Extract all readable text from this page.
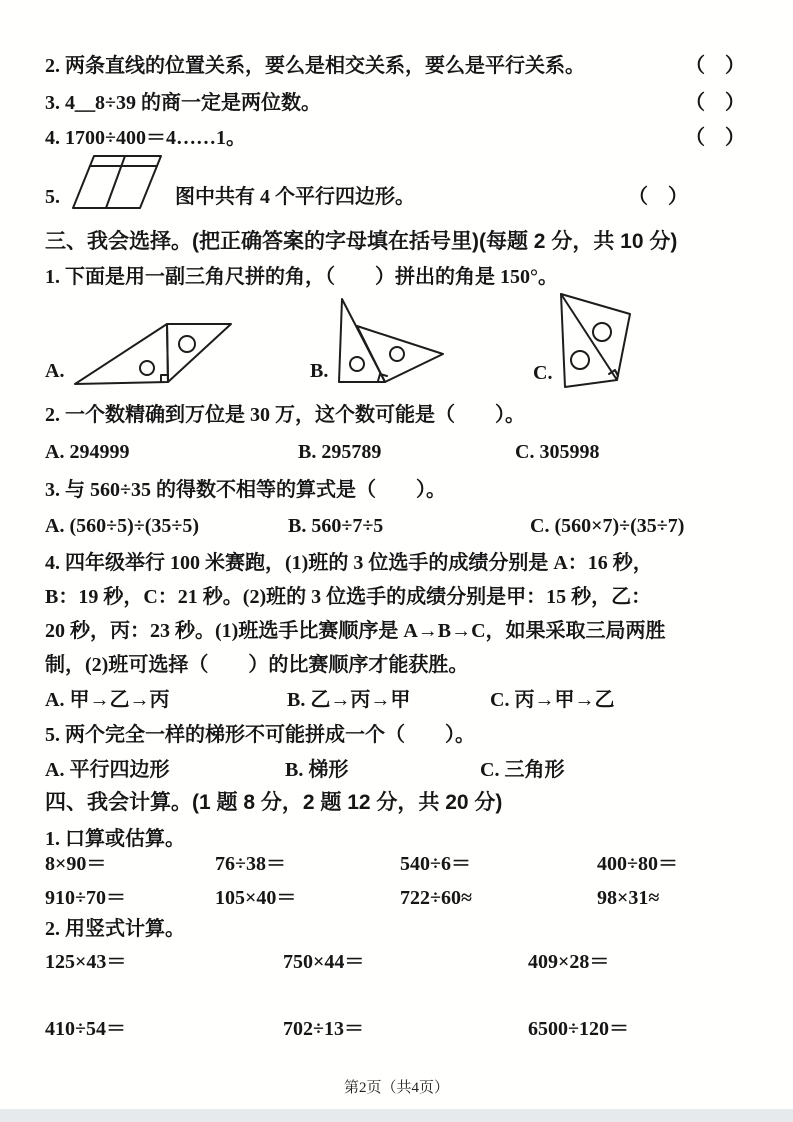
2. 两条直线的位置关系，要么是相交关系，要么是平行关系。	（　）
3. 4＿8÷39 的商一定是两位数。	（　）
4. 1700÷400＝4……1。	（　）
5.	图中共有 4 个平行四边形。	（　）
三、我会选择。(把正确答案的字母填在括号里)(每题 2 分，共 10 分)
1. 下面是用一副三角尺拼的角，（　　）拼出的角是 150°。
A.	B.	C.
2. 一个数精确到万位是 30 万，这个数可能是（　　）。
A. 294999	B. 295789	C. 305998
3. 与 560÷35 的得数不相等的算式是（　　）。
A. (560÷5)÷(35÷5)	B. 560÷7÷5	C. (560×7)÷(35÷7)
4. 四年级举行 100 米赛跑，(1)班的 3 位选手的成绩分别是 A：16 秒，
B：19 秒，C：21 秒。(2)班的 3 位选手的成绩分别是甲：15 秒，乙：
20 秒，丙：23 秒。(1)班选手比赛顺序是 A→B→C，如果采取三局两胜
制，(2)班可选择（　　）的比赛顺序才能获胜。
A. 甲→乙→丙	B. 乙→丙→甲	C. 丙→甲→乙
5. 两个完全一样的梯形不可能拼成一个（　　）。
A. 平行四边形	B. 梯形	C. 三角形
四、我会计算。(1 题 8 分，2 题 12 分，共 20 分)
1. 口算或估算。
8×90＝	76÷38＝	540÷6＝	400÷80＝
910÷70＝	105×40＝	722÷60≈	98×31≈
2. 用竖式计算。
125×43＝	750×44＝	409×28＝
410÷54＝	702÷13＝	6500÷120＝
第2页（共4页）
